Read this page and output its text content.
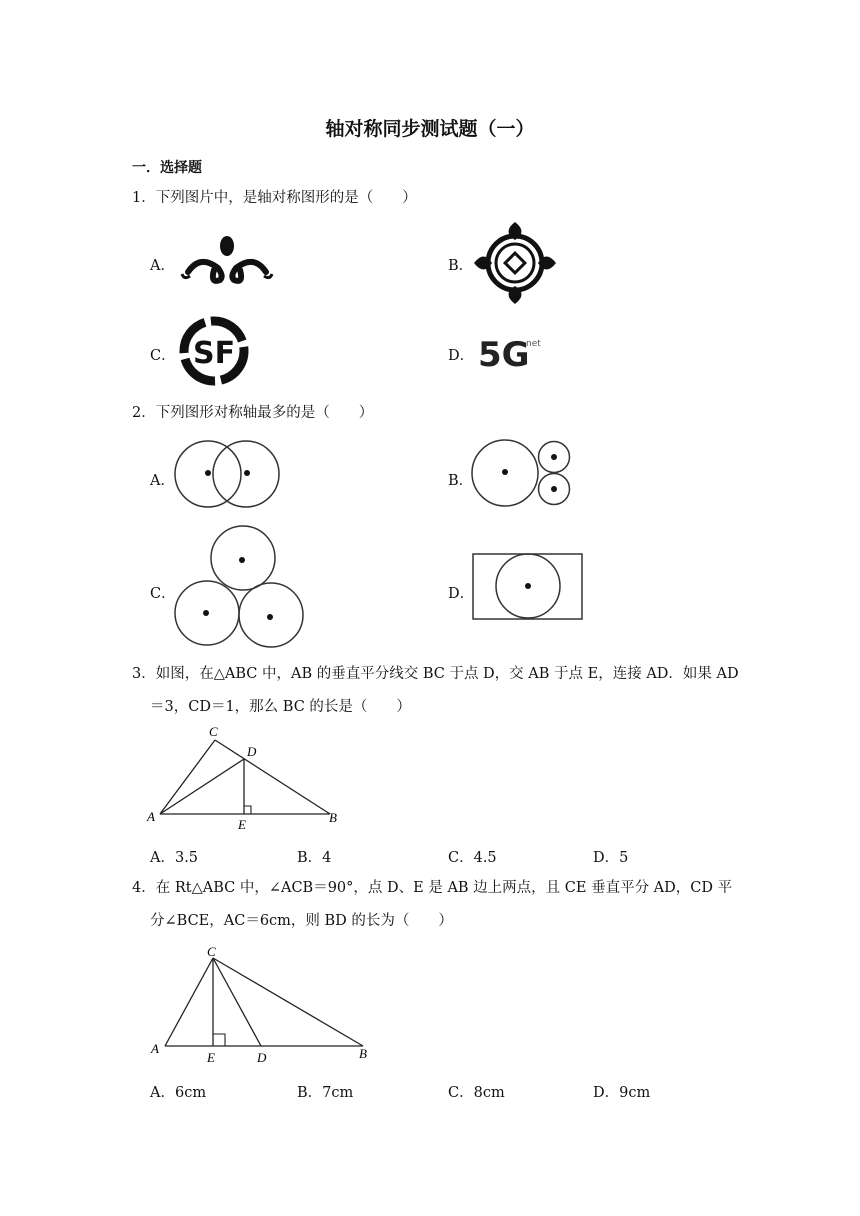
轴对称同步测试题（一）
一．选择题
1．下列图片中，是轴对称图形的是（　　）
A．	B．
C． SF	D． 5G
net
2．下列图形对称轴最多的是（　　）
A．	B．
C．	D．
3．如图，在△ABC 中，AB 的垂直平分线交 BC 于点 D，交 AB 于点 E，连接 AD．如果 AD
＝3，CD＝1，那么 BC 的长是（　　）
A
C
D
E	B
A．3.5	B．4	C．4.5	D．5
4．在 Rt△ABC 中，∠ACB＝90°，点 D、E 是 AB 边上两点，且 CE 垂直平分 AD，CD 平
分∠BCE，AC＝6cm，则 BD 的长为（　　）
A
C
E	D	B
A．6cm	B．7cm	C．8cm	D．9cm
